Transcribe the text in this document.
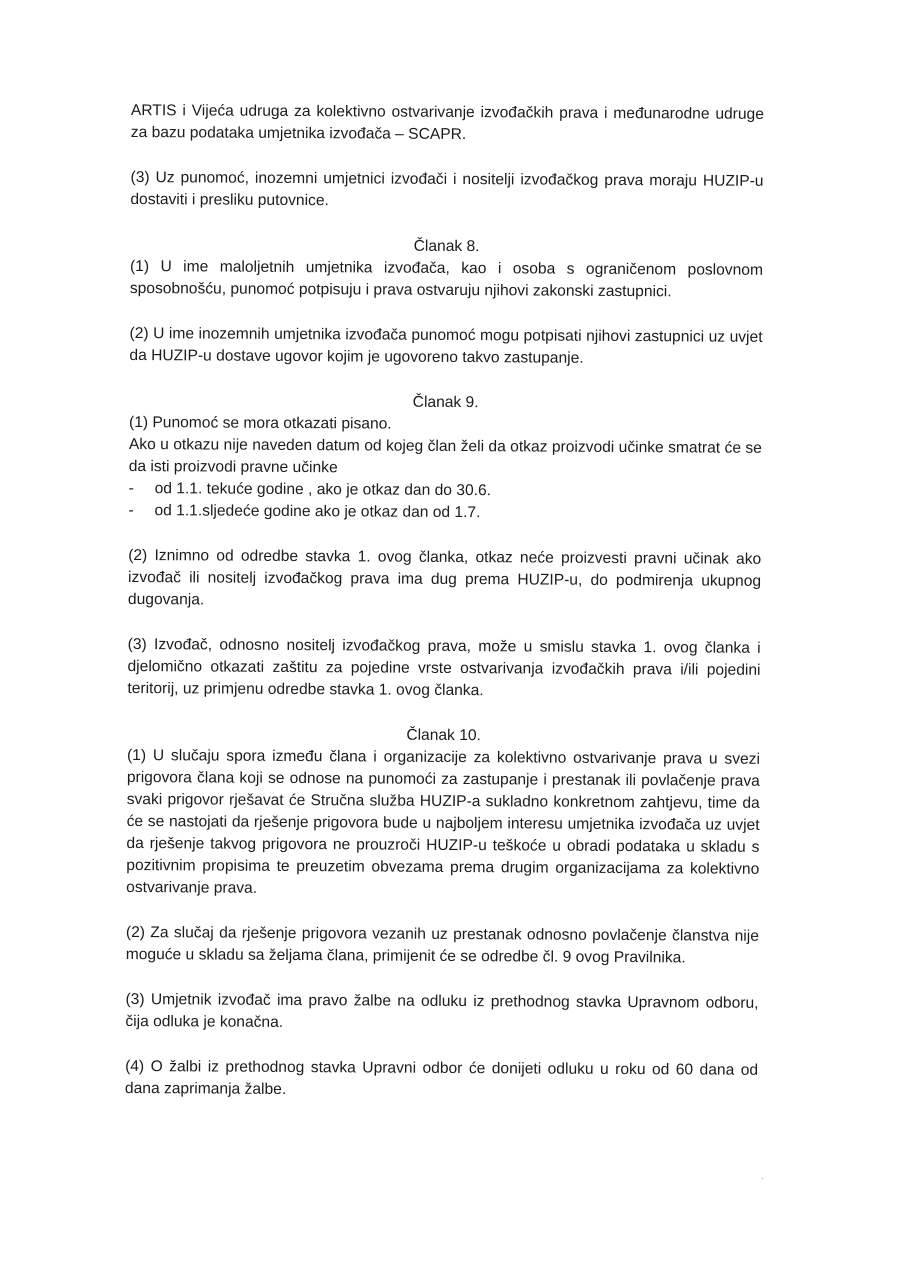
ARTIS i Vijeća udruga za kolektivno ostvarivanje izvođačkih prava i međunarodne udruge za bazu podataka umjetnika izvođača – SCAPR.

(3) Uz punomoć, inozemni umjetnici izvođači i nositelji izvođačkog prava moraju HUZIP-u dostaviti i presliku putovnice.

Članak 8.

(1) U ime maloljetnih umjetnika izvođača, kao i osoba s ograničenom poslovnom sposobnošću, punomoć potpisuju i prava ostvaruju njihovi zakonski zastupnici.

(2) U ime inozemnih umjetnika izvođača punomoć mogu potpisati njihovi zastupnici uz uvjet da HUZIP-u dostave ugovor kojim je ugovoreno takvo zastupanje.

Članak 9.

(1) Punomoć se mora otkazati pisano.

Ako u otkazu nije naveden datum od kojeg član želi da otkaz proizvodi učinke smatrat će se da isti proizvodi pravne učinke

- od 1.1. tekuće godine , ako je otkaz dan do 30.6.
- od 1.1.sljedeće godine ako je otkaz dan od 1.7.

(2) Iznimno od odredbe stavka 1. ovog članka, otkaz neće proizvesti pravni učinak ako izvođač ili nositelj izvođačkog prava ima dug prema HUZIP-u, do podmirenja ukupnog dugovanja.

(3) Izvođač, odnosno nositelj izvođačkog prava, može u smislu stavka 1. ovog članka i djelomično otkazati zaštitu za pojedine vrste ostvarivanja izvođačkih prava i/ili pojedini teritorij, uz primjenu odredbe stavka 1. ovog članka.

Članak 10.

(1) U slučaju spora između člana i organizacije za kolektivno ostvarivanje prava u svezi prigovora člana koji se odnose na punomoći za zastupanje i prestanak ili povlačenje prava svaki prigovor rješavat će Stručna služba HUZIP-a sukladno konkretnom zahtjevu, time da će se nastojati da rješenje prigovora bude u najboljem interesu umjetnika izvođača uz uvjet da rješenje takvog prigovora ne prouzroči HUZIP-u teškoće u obradi podataka u skladu s pozitivnim propisima te preuzetim obvezama prema drugim organizacijama za kolektivno ostvarivanje prava.

(2) Za slučaj da rješenje prigovora vezanih uz prestanak odnosno povlačenje članstva nije moguće u skladu sa željama člana, primijenit će se odredbe čl. 9 ovog Pravilnika.

(3) Umjetnik izvođač ima pravo žalbe na odluku iz prethodnog stavka Upravnom odboru, čija odluka je konačna.

(4) O žalbi iz prethodnog stavka Upravni odbor će donijeti odluku u roku od 60 dana od dana zaprimanja žalbe.
